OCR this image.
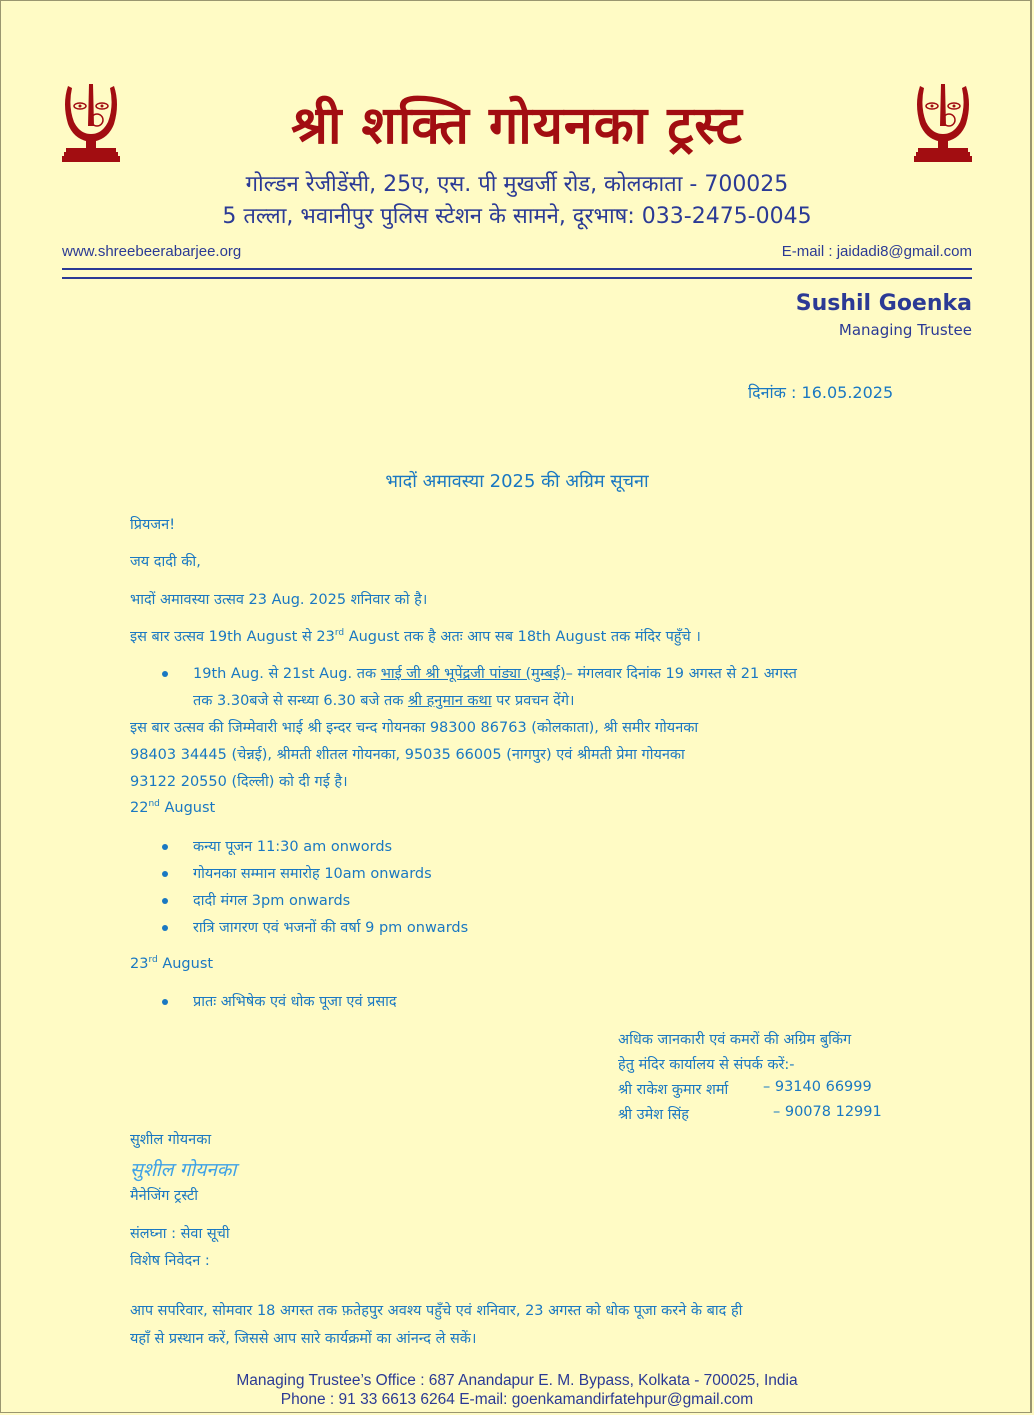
श्री शक्ति गोयनका ट्रस्ट
गोल्डन रेजीडेंसी, 25ए, एस. पी मुखर्जी रोड, कोलकाता - 700025
5 तल्ला, भवानीपुर पुलिस स्टेशन के सामने, दूरभाष: 033-2475-0045
www.shreebeerabarjee.org	E-mail : jaidadi8@gmail.com
Sushil Goenka
Managing Trustee
दिनांक : 16.05.2025
भादों अमावस्या 2025 की अग्रिम सूचना
प्रियजन!
जय दादी की,
भादों अमावस्या उत्सव 23 Aug. 2025 शनिवार को है।
इस बार उत्सव 19th August से 23rd August तक है अतः आप सब 18th August तक मंदिर पहुँचे ।
19th Aug. से 21st Aug. तक भाई जी श्री भूपेंद्रजी पांड्या (मुम्बई)– मंगलवार दिनांक 19 अगस्त से 21 अगस्त
तक 3.30बजे से सन्ध्या 6.30 बजे तक श्री हनुमान कथा पर प्रवचन देंगे।
इस बार उत्सव की जिम्मेवारी भाई श्री इन्दर चन्द गोयनका 98300 86763 (कोलकाता), श्री समीर गोयनका
98403 34445 (चेन्नई), श्रीमती शीतल गोयनका, 95035 66005 (नागपुर) एवं श्रीमती प्रेमा गोयनका
93122 20550 (दिल्ली) को दी गई है।
22nd August
कन्या पूजन 11:30 am onwords
गोयनका सम्मान समारोह 10am onwards
दादी मंगल 3pm onwards
रात्रि जागरण एवं भजनों की वर्षा 9 pm onwards
23rd August
प्रातः अभिषेक एवं धोक पूजा एवं प्रसाद
अधिक जानकारी एवं कमरों की अग्रिम बुकिंग
हेतु मंदिर कार्यालय से संपर्क करें:-
श्री राकेश कुमार शर्मा – 93140 66999
श्री उमेश सिंह	– 90078 12991
सुशील गोयनका
सुशील गोयनका
मैनेजिंग ट्रस्टी
संलघ्ना : सेवा सूची
विशेष निवेदन :
आप सपरिवार, सोमवार 18 अगस्त तक फ़तेहपुर अवश्य पहुँचे एवं शनिवार, 23 अगस्त को धोक पूजा करने के बाद ही
यहाँ से प्रस्थान करें, जिससे आप सारे कार्यक्रमों का आंनन्द ले सकें।
Managing Trustee’s Office : 687 Anandapur E. M. Bypass, Kolkata - 700025, India
Phone : 91 33 6613 6264 E-mail: goenkamandirfatehpur@gmail.com
